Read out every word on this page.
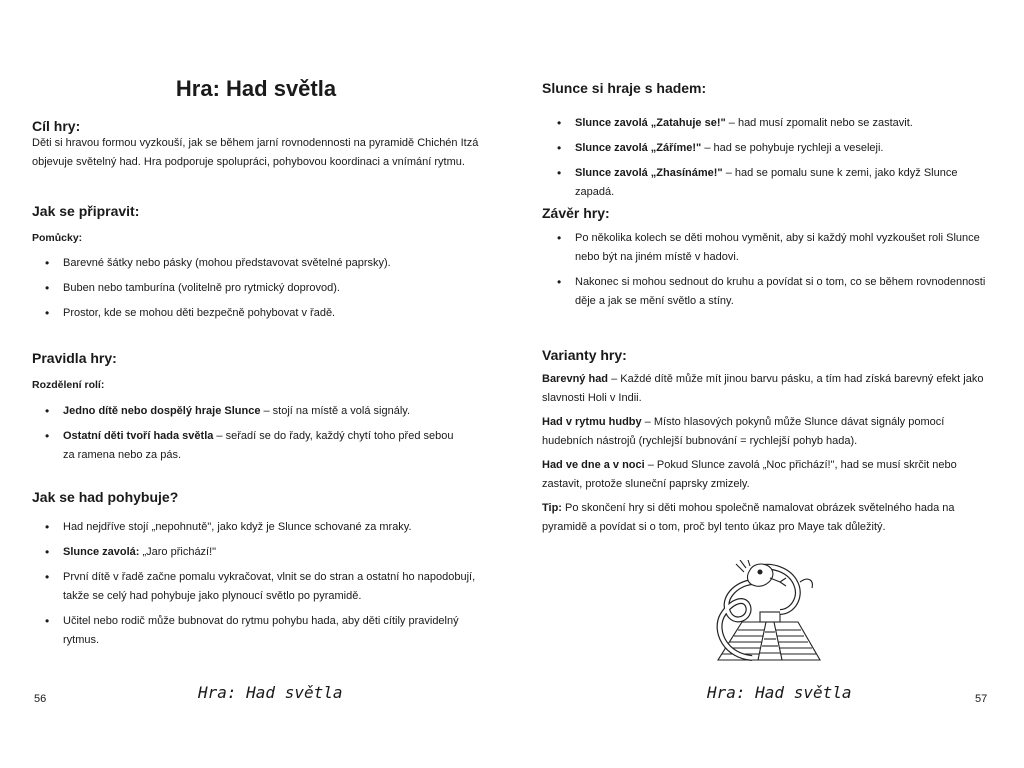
Hra: Had světla
Cíl hry:

Děti si hravou formou vyzkouší, jak se během jarní rovnodennosti na pyramidě Chichén Itzá objevuje světelný had. Hra podporuje spolupráci, pohybovou koordinaci a vnímání rytmu.

Jak se připravit:
Pomůcky:
• Barevné šátky nebo pásky (mohou představovat světelné paprsky).
• Buben nebo tamburína (volitelně pro rytmický doprovod).
• Prostor, kde se mohou děti bezpečně pohybovat v řadě.
Pravidla hry:
Rozdělení rolí:
• Jedno dítě nebo dospělý hraje Slunce – stojí na místě a volá signály.
• Ostatní děti tvoří hada světla – seřadí se do řady, každý chytí toho před sebou za ramena nebo za pás.
Jak se had pohybuje?
• Had nejdříve stojí „nepohnutě", jako když je Slunce schované za mraky.
• Slunce zavolá: „Jaro přichází!"
• První dítě v řadě začne pomalu vykračovat, vlnit se do stran a ostatní ho napodobují, takže se celý had pohybuje jako plynoucí světlo po pyramidě.
• Učitel nebo rodič může bubnovat do rytmu pohybu hada, aby děti cítily pravidelný rytmus.
56	Hra: Had světla
Slunce si hraje s hadem:
• Slunce zavolá „Zatahuje se!" – had musí zpomalit nebo se zastavit.
• Slunce zavolá „Záříme!" – had se pohybuje rychleji a veseleji.
• Slunce zavolá „Zhasínáme!" – had se pomalu sune k zemi, jako když Slunce zapadá.
Závěr hry:
• Po několika kolech se děti mohou vyměnit, aby si každý mohl vyzkoušet roli Slunce nebo být na jiném místě v hadovi.
• Nakonec si mohou sednout do kruhu a povídat si o tom, co se během rovnodennosti děje a jak se mění světlo a stíny.
Varianty hry:

Barevný had – Každé dítě může mít jinou barvu pásku, a tím had získá barevný efekt jako slavnosti Holi v Indii.

Had v rytmu hudby – Místo hlasových pokynů může Slunce dávat signály pomocí hudebních nástrojů (rychlejší bubnování = rychlejší pohyb hada).

Had ve dne a v noci – Pokud Slunce zavolá „Noc přichází!", had se musí skrčit nebo zastavit, protože sluneční paprsky zmizely.

Tip: Po skončení hry si děti mohou společně namalovat obrázek světelného hada na pyramidě a povídat si o tom, proč byl tento úkaz pro Maye tak důležitý.

Hra: Had světla	57
